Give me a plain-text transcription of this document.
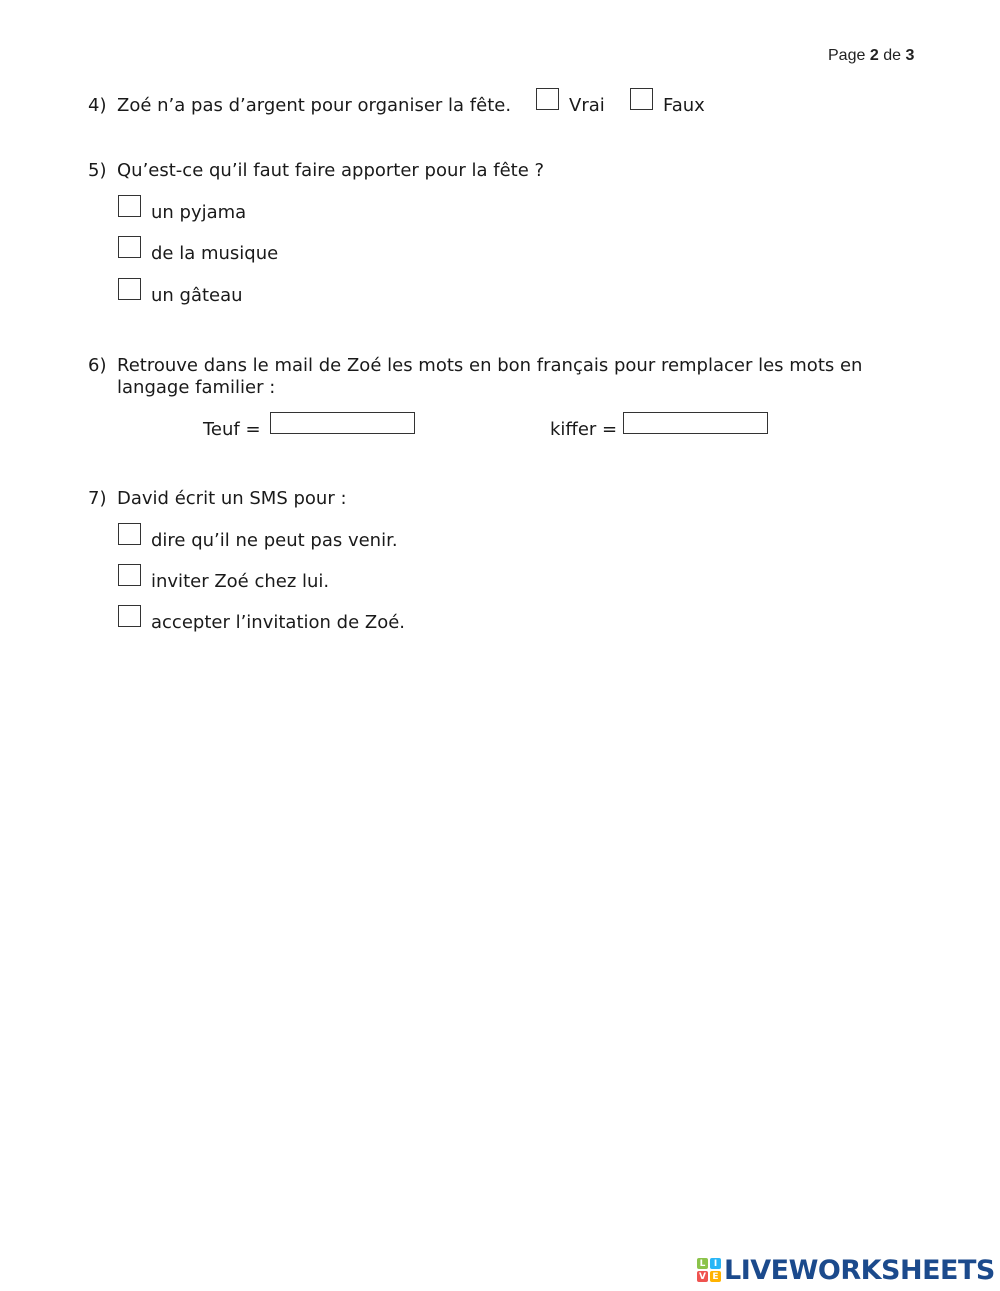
Page 2 de 3
4) Zoé n’a pas d’argent pour organiser la fête.	Vrai	Faux
5) Qu’est-ce qu’il faut faire apporter pour la fête ?
un pyjama
de la musique
un gâteau
6) Retrouve dans le mail de Zoé les mots en bon français pour remplacer les mots en
langage familier :
Teuf =	kiffer =
7) David écrit un SMS pour :
dire qu’il ne peut pas venir.
inviter Zoé chez lui.
accepter l’invitation de Zoé.
L I
V E LIVEWORKSHEETS
